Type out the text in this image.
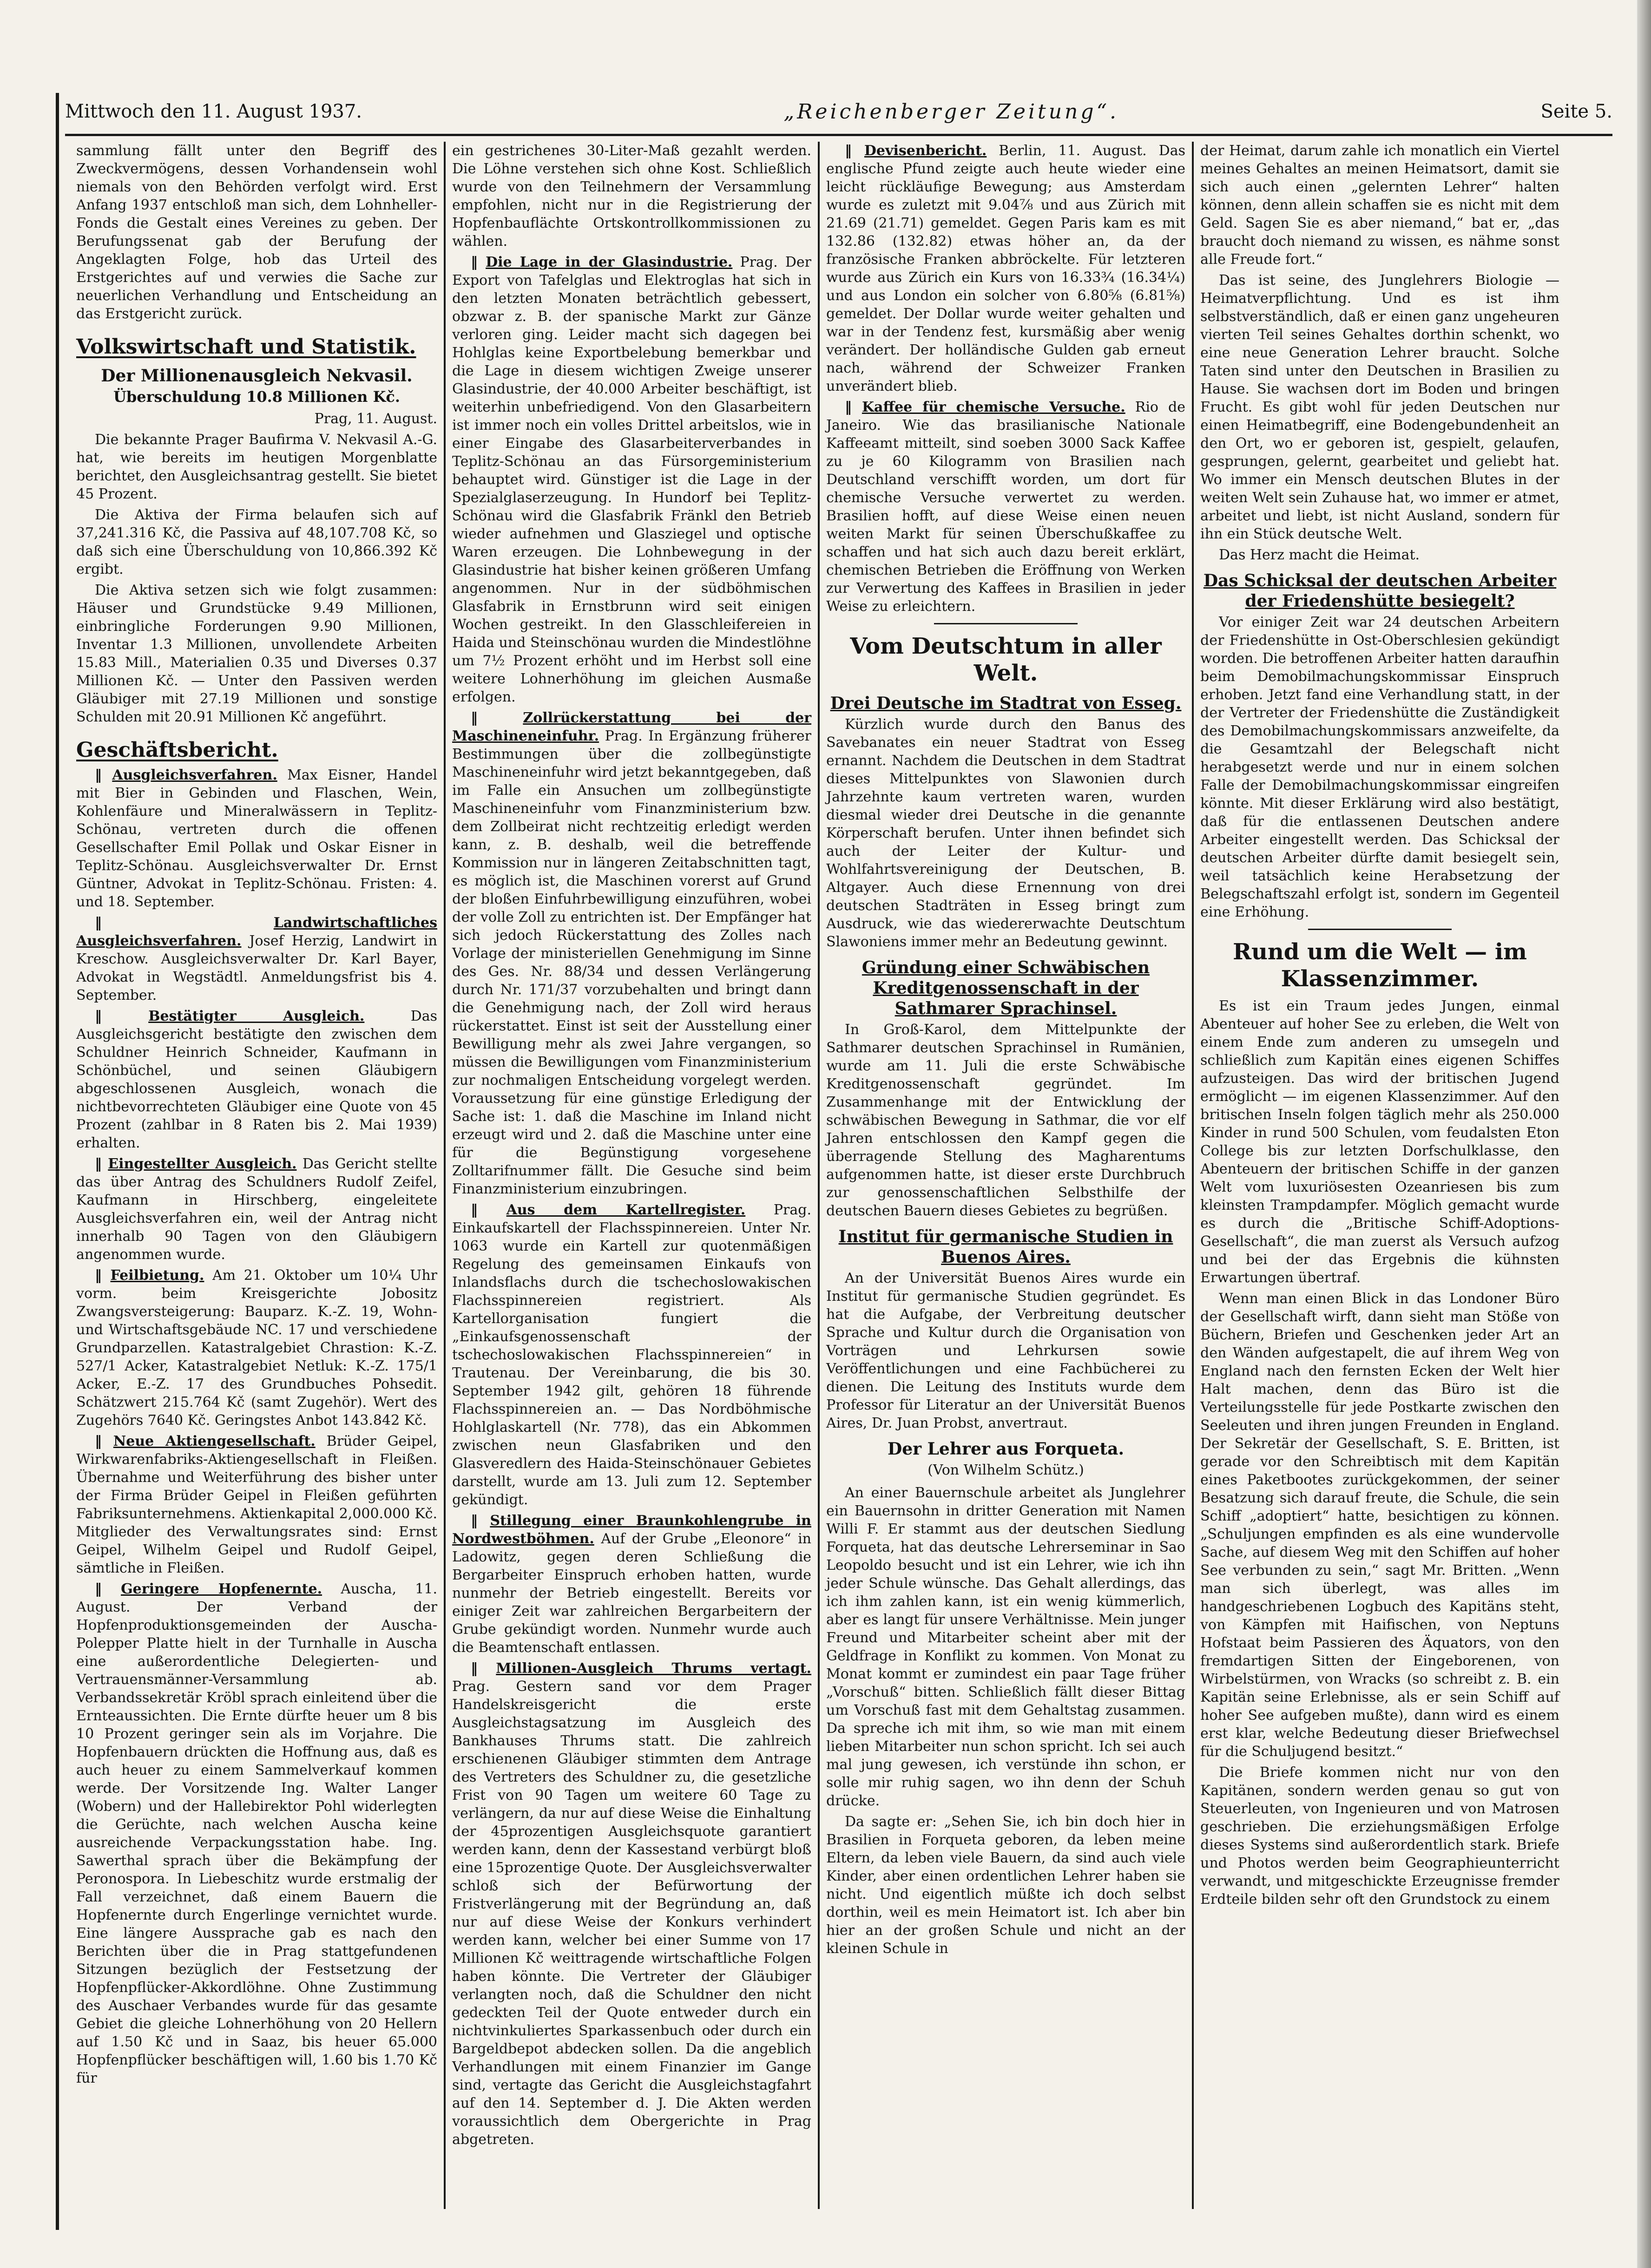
Mittwoch den 11. August 1937.	„Reichenberger Zeitung“.	Seite 5.

sammlung fällt unter den Begriff des Zweckvermögens, dessen Vorhandensein wohl niemals von den Behörden verfolgt wird. Erst Anfang 1937 entschloß man sich, dem Lohnheller-Fonds die Gestalt eines Vereines zu geben. Der Berufungssenat gab der Berufung der Angeklagten Folge, hob das Urteil des Erstgerichtes auf und verwies die Sache zur neuerlichen Verhandlung und Entscheidung an das Erstgericht zurück.

Volkswirtschaft und Statistik.
Der Millionenausgleich Nekvasil.
Überschuldung 10.8 Millionen Kč.
Prag, 11. August.

Die bekannte Prager Baufirma V. Nekvasil A.-G. hat, wie bereits im heutigen Morgenblatte berichtet, den Ausgleichsantrag gestellt. Sie bietet 45 Prozent.

Die Aktiva der Firma belaufen sich auf 37,241.316 Kč, die Passiva auf 48,107.708 Kč, so daß sich eine Überschuldung von 10,866.392 Kč ergibt.

Die Aktiva setzen sich wie folgt zusammen: Häuser und Grundstücke 9.49 Millionen, einbringliche Forderungen 9.90 Millionen, Inventar 1.3 Millionen, unvollendete Arbeiten 15.83 Mill., Materialien 0.35 und Diverses 0.37 Millionen Kč. — Unter den Passiven werden Gläubiger mit 27.19 Millionen und sonstige Schulden mit 20.91 Millionen Kč angeführt.

Geschäftsbericht.

‖ Ausgleichsverfahren. Max Eisner, Handel mit Bier in Gebinden und Flaschen, Wein, Kohlenfäure und Mineralwässern in Teplitz-Schönau, vertreten durch die offenen Gesellschafter Emil Pollak und Oskar Eisner in Teplitz-Schönau. Ausgleichsverwalter Dr. Ernst Güntner, Advokat in Teplitz-Schönau. Fristen: 4. und 18. September.

‖ Landwirtschaftliches Ausgleichsverfahren. Josef Herzig, Landwirt in Kreschow. Ausgleichsverwalter Dr. Karl Bayer, Advokat in Wegstädtl. Anmeldungsfrist bis 4. September.

‖ Bestätigter Ausgleich.	Das Ausgleichsgericht bestätigte den zwischen dem Schuldner Heinrich Schneider, Kaufmann in Schönbüchel, und seinen Gläubigern abgeschlossenen Ausgleich, wonach die nichtbevorrechteten Gläubiger eine Quote von 45 Prozent (zahlbar in 8 Raten bis 2. Mai 1939) erhalten.

‖ Eingestellter Ausgleich. Das Gericht stellte das über Antrag des Schuldners Rudolf Zeifel, Kaufmann in Hirschberg, eingeleitete Ausgleichsverfahren ein, weil der Antrag nicht innerhalb 90 Tagen von den Gläubigern angenommen wurde.

‖ Feilbietung. Am 21. Oktober um 10¼ Uhr vorm. beim Kreisgerichte Jobositz Zwangsversteigerung: Bauparz. K.-Z. 19, Wohn- und Wirtschaftsgebäude NC. 17 und verschiedene Grundparzellen. Katastralgebiet Chrastion: K.-Z. 527/1 Acker, Katastralgebiet Netluk: K.-Z. 175/1 Acker, E.-Z. 17 des Grundbuches Pohsedit. Schätzwert 215.764 Kč (samt Zugehör). Wert des Zugehörs 7640 Kč. Geringstes Anbot 143.842 Kč.

‖ Neue Aktiengesellschaft. Brüder Geipel, Wirkwarenfabriks-Aktiengesellschaft in Fleißen. Übernahme und Weiterführung des bisher unter der Firma Brüder Geipel in Fleißen geführten Fabriksunternehmens. Aktienkapital 2,000.000 Kč. Mitglieder des Verwaltungsrates sind: Ernst Geipel, Wilhelm Geipel und Rudolf Geipel, sämtliche in Fleißen.

‖ Geringere Hopfenernte. Auscha, 11. August. Der Verband der Hopfenproduktionsgemeinden der Auscha-Polepper Platte hielt in der Turnhalle in Auscha eine außerordentliche Delegierten- und Vertrauensmänner-Versammlung ab. Verbandssekretär Kröbl sprach einleitend über die Ernteaussichten. Die Ernte dürfte heuer um 8 bis 10 Prozent geringer sein als im Vorjahre. Die Hopfenbauern drückten die Hoffnung aus, daß es auch heuer zu einem Sammelverkauf kommen werde. Der Vorsitzende Ing. Walter Langer (Wobern) und der Hallebirektor Pohl widerlegten die Gerüchte, nach welchen Auscha keine ausreichende Verpackungsstation habe. Ing. Sawerthal sprach über die Bekämpfung der Peronospora. In Liebeschitz wurde erstmalig der Fall verzeichnet, daß einem Bauern die Hopfenernte durch Engerlinge vernichtet wurde. Eine längere Aussprache gab es nach den Berichten über die in Prag stattgefundenen Sitzungen bezüglich der Festsetzung der Hopfenpflücker-Akkordlöhne. Ohne Zustimmung des Auschaer Verbandes wurde für das gesamte Gebiet die gleiche Lohnerhöhung von 20 Hellern auf 1.50 Kč und in Saaz, bis heuer 65.000 Hopfenpflücker beschäftigen will, 1.60 bis 1.70 Kč für

ein gestrichenes 30-Liter-Maß gezahlt werden. Die Löhne verstehen sich ohne Kost. Schließlich wurde von den Teilnehmern der Versammlung empfohlen, nicht nur in die Registrierung der Hopfenbauflächte Ortskontrollkommissionen zu wählen.

‖ Die Lage in der Glasindustrie. Prag. Der Export von Tafelglas und Elektroglas hat sich in den letzten Monaten beträchtlich gebessert, obzwar z. B. der spanische Markt zur Gänze verloren ging. Leider macht sich dagegen bei Hohlglas keine Exportbelebung bemerkbar und die Lage in diesem wichtigen Zweige unserer Glasindustrie, der 40.000 Arbeiter beschäftigt, ist weiterhin unbefriedigend. Von den Glasarbeitern ist immer noch ein volles Drittel arbeitslos, wie in einer Eingabe des Glasarbeiterverbandes in Teplitz-Schönau an das Fürsorgeministerium behauptet wird. Günstiger ist die Lage in der Spezialglaserzeugung. In Hundorf bei Teplitz-Schönau wird die Glasfabrik Fränkl den Betrieb wieder aufnehmen und Glasziegel und optische Waren erzeugen. Die Lohnbewegung in der Glasindustrie hat bisher keinen größeren Umfang angenommen. Nur in der südböhmischen Glasfabrik in Ernstbrunn wird seit einigen Wochen gestreikt. In den Glasschleifereien in Haida und Steinschönau wurden die Mindestlöhne um 7½ Prozent erhöht und im Herbst soll eine weitere Lohnerhöhung im gleichen Ausmaße erfolgen.

‖ Zollrückerstattung bei der Maschineneinfuhr. Prag. In Ergänzung früherer Bestimmungen über die zollbegünstigte Maschineneinfuhr wird jetzt bekanntgegeben, daß im Falle ein Ansuchen um zollbegünstigte Maschineneinfuhr vom Finanzministerium bzw. dem Zollbeirat nicht rechtzeitig erledigt werden kann, z. B. deshalb, weil die betreffende Kommission nur in längeren Zeitabschnitten tagt, es möglich ist, die Maschinen vorerst auf Grund der bloßen Einfuhrbewilligung einzuführen, wobei der volle Zoll zu entrichten ist. Der Empfänger hat sich jedoch Rückerstattung des Zolles nach Vorlage der ministeriellen Genehmigung im Sinne des Ges. Nr. 88/34 und dessen Verlängerung durch Nr. 171/37 vorzubehalten und bringt dann die Genehmigung nach, der Zoll wird heraus rückerstattet. Einst ist seit der Ausstellung einer Bewilligung mehr als zwei Jahre vergangen, so müssen die Bewilligungen vom Finanzministerium zur nochmaligen Entscheidung vorgelegt werden. Voraussetzung für eine günstige Erledigung der Sache ist: 1. daß die Maschine im Inland nicht erzeugt wird und 2. daß die Maschine unter eine für die Begünstigung vorgesehene Zolltarifnummer fällt. Die Gesuche sind beim Finanzministerium einzubringen.

‖ Aus dem Kartellregister. Prag. Einkaufskartell der Flachsspinnereien. Unter Nr. 1063 wurde ein Kartell zur quotenmäßigen Regelung des gemeinsamen Einkaufs von Inlandsflachs durch die tschechoslowakischen Flachsspinnereien registriert. Als Kartellorganisation fungiert die „Einkaufsgenossenschaft der tschechoslowakischen Flachsspinnereien“ in Trautenau. Der Vereinbarung, die bis 30. September 1942 gilt, gehören 18 führende Flachsspinnereien an. — Das Nordböhmische Hohlglaskartell (Nr. 778), das ein Abkommen zwischen neun Glasfabriken und den Glasveredlern des Haida-Steinschönauer Gebietes darstellt, wurde am 13. Juli zum 12. September gekündigt.

‖ Stillegung einer Braunkohlengrube in Nordwestböhmen. Auf der Grube „Eleonore“ in Ladowitz, gegen deren Schließung die Bergarbeiter Einspruch erhoben hatten, wurde nunmehr der Betrieb eingestellt. Bereits vor einiger Zeit war zahlreichen Bergarbeitern der Grube gekündigt worden. Nunmehr wurde auch die Beamtenschaft entlassen.

‖ Millionen-Ausgleich Thrums vertagt. Prag. Gestern sand vor dem Prager Handelskreisgericht die erste Ausgleichstagsatzung im Ausgleich des Bankhauses Thrums statt. Die zahlreich erschienenen Gläubiger stimmten dem Antrage des Vertreters des Schuldner zu, die gesetzliche Frist von 90 Tagen um weitere 60 Tage zu verlängern, da nur auf diese Weise die Einhaltung der 45prozentigen Ausgleichsquote garantiert werden kann, denn der Kassestand verbürgt bloß eine 15prozentige Quote. Der Ausgleichsverwalter schloß sich der Befürwortung der Fristverlängerung mit der Begründung an, daß nur auf diese Weise der Konkurs verhindert werden kann, welcher bei einer Summe von 17 Millionen Kč weittragende wirtschaftliche Folgen haben könnte. Die Vertreter der Gläubiger verlangten noch, daß die Schuldner den nicht gedeckten Teil der Quote entweder durch ein nichtvinkuliertes Sparkassenbuch oder durch ein Bargeldbepot abdecken sollen. Da die angeblich Verhandlungen mit einem Finanzier im Gange sind, vertagte das Gericht die Ausgleichstagfahrt auf den 14. September d. J. Die Akten werden voraussichtlich dem Obergerichte in Prag abgetreten.

‖ Devisenbericht. Berlin, 11. August. Das englische Pfund zeigte auch heute wieder eine leicht rückläufige Bewegung; aus Amsterdam wurde es zuletzt mit 9.04⅞ und aus Zürich mit 21.69 (21.71) gemeldet. Gegen Paris kam es mit 132.86 (132.82) etwas höher an, da der französische Franken abbröckelte. Für letzteren wurde aus Zürich ein Kurs von 16.33¾ (16.34¼) und aus London ein solcher von 6.80⅝ (6.81⅝) gemeldet. Der Dollar wurde weiter gehalten und war in der Tendenz fest, kursmäßig aber wenig verändert. Der holländische Gulden gab erneut nach, während der Schweizer Franken unverändert blieb.

‖ Kaffee für chemische Versuche. Rio de Janeiro. Wie das brasilianische Nationale Kaffeeamt mitteilt, sind soeben 3000 Sack Kaffee zu je 60 Kilogramm von Brasilien nach Deutschland verschifft worden, um dort für chemische Versuche verwertet zu werden. Brasilien hofft, auf diese Weise einen neuen weiten Markt für seinen Überschußkaffee zu schaffen und hat sich auch dazu bereit erklärt, chemischen Betrieben die Eröffnung von Werken zur Verwertung des Kaffees in Brasilien in jeder Weise zu erleichtern.

Vom Deutschtum in aller Welt.
Drei Deutsche im Stadtrat von Esseg.

Kürzlich wurde durch den Banus des Savebanates ein neuer Stadtrat von Esseg ernannt. Nachdem die Deutschen in dem Stadtrat dieses Mittelpunktes von Slawonien durch Jahrzehnte kaum vertreten waren, wurden diesmal wieder drei Deutsche in die genannte Körperschaft berufen. Unter ihnen befindet sich auch der Leiter der Kultur- und Wohlfahrtsvereinigung der Deutschen, B. Altgayer. Auch diese Ernennung von drei deutschen Stadträten in Esseg bringt zum Ausdruck, wie das wiedererwachte Deutschtum Slawoniens immer mehr an Bedeutung gewinnt.

Gründung einer Schwäbischen Kreditgenossenschaft in der Sathmarer Sprachinsel.

In Groß-Karol, dem Mittelpunkte der Sathmarer deutschen Sprachinsel in Rumänien, wurde am 11. Juli die erste Schwäbische Kreditgenossenschaft gegründet. Im Zusammenhange mit der Entwicklung der schwäbischen Bewegung in Sathmar, die vor elf Jahren entschlossen den Kampf gegen die überragende Stellung des Magharentums aufgenommen hatte, ist dieser erste Durchbruch zur genossenschaftlichen Selbsthilfe der deutschen Bauern dieses Gebietes zu begrüßen.

Institut für germanische Studien in Buenos Aires.

An der Universität Buenos Aires wurde ein Institut für germanische Studien gegründet. Es hat die Aufgabe, der Verbreitung deutscher Sprache und Kultur durch die Organisation von Vorträgen und Lehrkursen sowie Veröffentlichungen und eine Fachbücherei zu dienen. Die Leitung des Instituts wurde dem Professor für Literatur an der Universität Buenos Aires, Dr. Juan Probst, anvertraut.

Der Lehrer aus Forqueta.
(Von Wilhelm Schütz.)

An einer Bauernschule arbeitet als Junglehrer ein Bauernsohn in dritter Generation mit Namen Willi F. Er stammt aus der deutschen Siedlung Forqueta, hat das deutsche Lehrerseminar in Sao Leopoldo besucht und ist ein Lehrer, wie ich ihn jeder Schule wünsche. Das Gehalt allerdings, das ich ihm zahlen kann, ist ein wenig kümmerlich, aber es langt für unsere Verhältnisse. Mein junger Freund und Mitarbeiter scheint aber mit der Geldfrage in Konflikt zu kommen. Von Monat zu Monat kommt er zumindest ein paar Tage früher „Vorschuß“ bitten. Schließlich fällt dieser Bittag um Vorschuß fast mit dem Gehaltstag zusammen. Da spreche ich mit ihm, so wie man mit einem lieben Mitarbeiter nun schon spricht. Ich sei auch mal jung gewesen, ich verstünde ihn schon, er solle mir ruhig sagen, wo ihn denn der Schuh drücke.

Da sagte er: „Sehen Sie, ich bin doch hier in Brasilien in Forqueta geboren, da leben meine Eltern, da leben viele Bauern, da sind auch viele Kinder, aber einen ordentlichen Lehrer haben sie nicht. Und eigentlich müßte ich doch selbst dorthin, weil es mein Heimatort ist. Ich aber bin hier an der großen Schule und nicht an der kleinen Schule in

der Heimat, darum zahle ich monatlich ein Viertel meines Gehaltes an meinen Heimatsort, damit sie sich auch einen „gelernten Lehrer“ halten können, denn allein schaffen sie es nicht mit dem Geld. Sagen Sie es aber niemand,“ bat er, „das braucht doch niemand zu wissen, es nähme sonst alle Freude fort.“

Das ist seine, des Junglehrers Biologie — Heimatverpflichtung. Und es ist ihm selbstverständlich, daß er einen ganz ungeheuren vierten Teil seines Gehaltes dorthin schenkt, wo eine neue Generation Lehrer braucht. Solche Taten sind unter den Deutschen in Brasilien zu Hause. Sie wachsen dort im Boden und bringen Frucht. Es gibt wohl für jeden Deutschen nur einen Heimatbegriff, eine Bodengebundenheit an den Ort, wo er geboren ist, gespielt, gelaufen, gesprungen, gelernt, gearbeitet und geliebt hat. Wo immer ein Mensch deutschen Blutes in der weiten Welt sein Zuhause hat, wo immer er atmet, arbeitet und liebt, ist nicht Ausland, sondern für ihn ein Stück deutsche Welt.

Das Herz macht die Heimat.

Das Schicksal der deutschen Arbeiter der Friedenshütte besiegelt?

Vor einiger Zeit war 24 deutschen Arbeitern der Friedenshütte in Ost-Oberschlesien gekündigt worden. Die betroffenen Arbeiter hatten daraufhin beim Demobilmachungskommissar Einspruch erhoben. Jetzt fand eine Verhandlung statt, in der der Vertreter der Friedenshütte die Zuständigkeit des Demobilmachungskommissars anzweifelte, da die Gesamtzahl der Belegschaft nicht herabgesetzt werde und nur in einem solchen Falle der Demobilmachungskommissar eingreifen könnte. Mit dieser Erklärung wird also bestätigt, daß für die entlassenen Deutschen andere Arbeiter eingestellt werden. Das Schicksal der deutschen Arbeiter dürfte damit besiegelt sein, weil tatsächlich keine Herabsetzung der Belegschaftszahl erfolgt ist, sondern im Gegenteil eine Erhöhung.

Rund um die Welt — im Klassenzimmer.

Es ist ein Traum jedes Jungen, einmal Abenteuer auf hoher See zu erleben, die Welt von einem Ende zum anderen zu umsegeln und schließlich zum Kapitän eines eigenen Schiffes aufzusteigen. Das wird der britischen Jugend ermöglicht — im eigenen Klassenzimmer. Auf den britischen Inseln folgen täglich mehr als 250.000 Kinder in rund 500 Schulen, vom feudalsten Eton College bis zur letzten Dorfschulklasse, den Abenteuern der britischen Schiffe in der ganzen Welt vom luxuriösesten Ozeanriesen bis zum kleinsten Trampdampfer. Möglich gemacht wurde es durch die „Britische Schiff-Adoptions-Gesellschaft“, die man zuerst als Versuch aufzog und bei der das Ergebnis die kühnsten Erwartungen übertraf.

Wenn man einen Blick in das Londoner Büro der Gesellschaft wirft, dann sieht man Stöße von Büchern, Briefen und Geschenken jeder Art an den Wänden aufgestapelt, die auf ihrem Weg von England nach den fernsten Ecken der Welt hier Halt machen, denn das Büro ist die Verteilungsstelle für jede Postkarte zwischen den Seeleuten und ihren jungen Freunden in England. Der Sekretär der Gesellschaft, S. E. Britten, ist gerade vor den Schreibtisch mit dem Kapitän eines Paketbootes zurückgekommen, der seiner Besatzung sich darauf freute, die Schule, die sein Schiff „adoptiert“ hatte, besichtigen zu können. „Schuljungen empfinden es als eine wundervolle Sache, auf diesem Weg mit den Schiffen auf hoher See verbunden zu sein,“ sagt Mr. Britten. „Wenn man sich überlegt, was alles im handgeschriebenen Logbuch des Kapitäns steht, von Kämpfen mit Haifischen, von Neptuns Hofstaat beim Passieren des Äquators, von den fremdartigen Sitten der Eingeborenen, von Wirbelstürmen, von Wracks (so schreibt z. B. ein Kapitän seine Erlebnisse, als er sein Schiff auf hoher See aufgeben mußte), dann wird es einem erst klar, welche Bedeutung dieser Briefwechsel für die Schuljugend besitzt.“

Die Briefe kommen nicht nur von den Kapitänen, sondern werden genau so gut von Steuerleuten, von Ingenieuren und von Matrosen geschrieben. Die erziehungsmäßigen Erfolge dieses Systems sind außerordentlich stark. Briefe und Photos werden beim Geographieunterricht verwandt, und mitgeschickte Erzeugnisse fremder Erdteile bilden sehr oft den Grundstock zu einem
